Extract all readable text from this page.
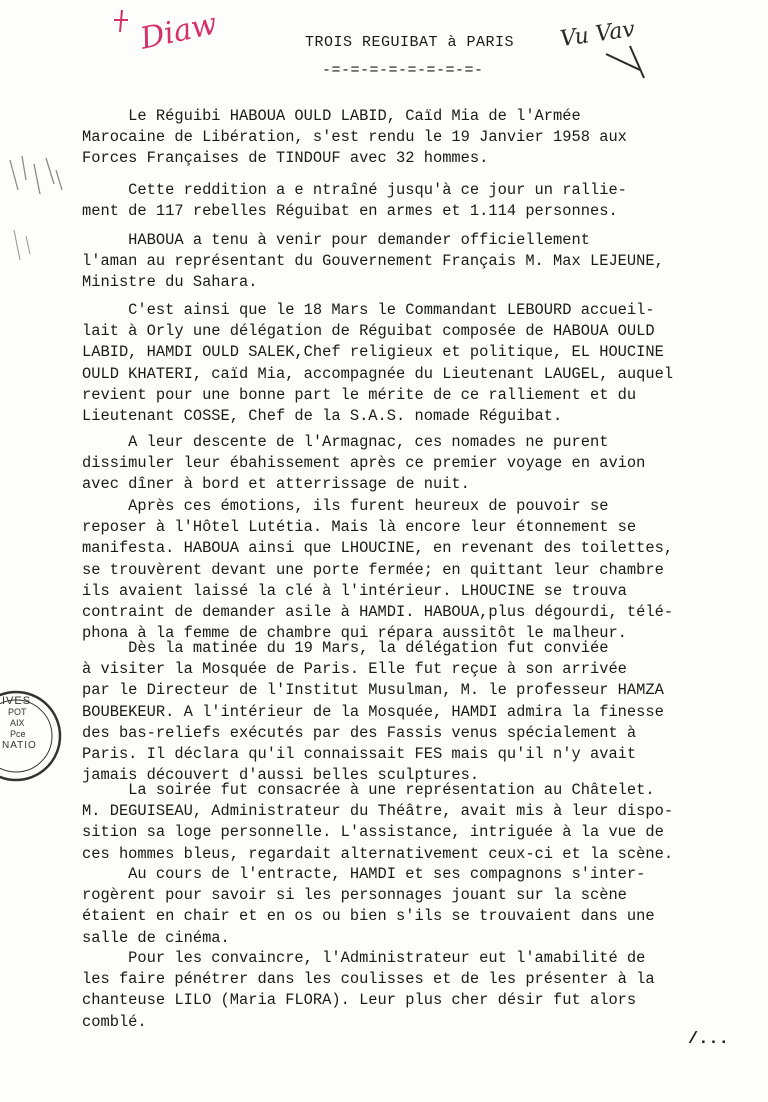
Diaw	Vu Vav
IVES
POT
AIX
Pce
NATIO
TROIS REGUIBAT à PARIS
-=-=-=-=-=-=-=-=-

Le Réguibi HABOUA OULD LABID, Caïd Mia de l'Armée
Marocaine de Libération, s'est rendu le 19 Janvier 1958 aux
Forces Françaises de TINDOUF avec 32 hommes.

Cette reddition a e ntraîné jusqu'à ce jour un rallie-
ment de 117 rebelles Réguibat en armes et 1.114 personnes.

HABOUA a tenu à venir pour demander officiellement
l'aman au représentant du Gouvernement Français M. Max LEJEUNE,
Ministre du Sahara.

C'est ainsi que le 18 Mars le Commandant LEBOURD accueil-
lait à Orly une délégation de Réguibat composée de HABOUA OULD
LABID, HAMDI OULD SALEK,Chef religieux et politique, EL HOUCINE
OULD KHATERI, caïd Mia, accompagnée du Lieutenant LAUGEL, auquel
revient pour une bonne part le mérite de ce ralliement et du
Lieutenant COSSE, Chef de la S.A.S. nomade Réguibat.

A leur descente de l'Armagnac, ces nomades ne purent
dissimuler leur ébahissement après ce premier voyage en avion
avec dîner à bord et atterrissage de nuit.

Après ces émotions, ils furent heureux de pouvoir se
reposer à l'Hôtel Lutétia. Mais là encore leur étonnement se
manifesta. HABOUA ainsi que LHOUCINE, en revenant des toilettes,
se trouvèrent devant une porte fermée; en quittant leur chambre
ils avaient laissé la clé à l'intérieur. LHOUCINE se trouva
contraint de demander asile à HAMDI. HABOUA,plus dégourdi, télé-
phona à la femme de chambre qui répara aussitôt le malheur.

Dès la matinée du 19 Mars, la délégation fut conviée
à visiter la Mosquée de Paris. Elle fut reçue à son arrivée
par le Directeur de l'Institut Musulman, M. le professeur HAMZA
BOUBEKEUR. A l'intérieur de la Mosquée, HAMDI admira la finesse
des bas-reliefs exécutés par des Fassis venus spécialement à
Paris. Il déclara qu'il connaissait FES mais qu'il n'y avait
jamais découvert d'aussi belles sculptures.

La soirée fut consacrée à une représentation au Châtelet.
M. DEGUISEAU, Administrateur du Théâtre, avait mis à leur dispo-
sition sa loge personnelle. L'assistance, intriguée à la vue de
ces hommes bleus, regardait alternativement ceux-ci et la scène.

Au cours de l'entracte, HAMDI et ses compagnons s'inter-
rogèrent pour savoir si les personnages jouant sur la scène
étaient en chair et en os ou bien s'ils se trouvaient dans une
salle de cinéma.

Pour les convaincre, l'Administrateur eut l'amabilité de
les faire pénétrer dans les coulisses et de les présenter à la
chanteuse LILO (Maria FLORA). Leur plus cher désir fut alors
comblé.

/...
